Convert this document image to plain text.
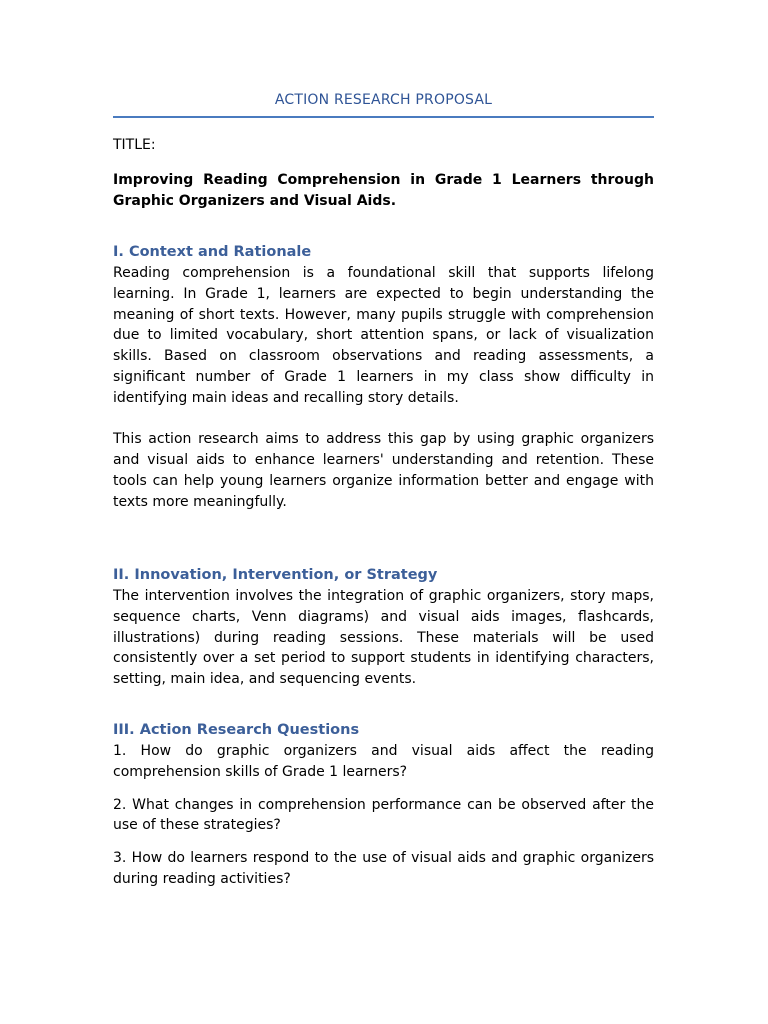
ACTION RESEARCH PROPOSAL
TITLE:
Improving Reading Comprehension in Grade 1 Learners through Graphic Organizers and Visual Aids.
I. Context and Rationale

Reading comprehension is a foundational skill that supports lifelong learning. In Grade 1, learners are expected to begin understanding the meaning of short texts. However, many pupils struggle with comprehension due to limited vocabulary, short attention spans, or lack of visualization skills. Based on classroom observations and reading assessments, a significant number of Grade 1 learners in my class show difficulty in identifying main ideas and recalling story details.

This action research aims to address this gap by using graphic organizers and visual aids to enhance learners' understanding and retention. These tools can help young learners organize information better and engage with texts more meaningfully.

II. Innovation, Intervention, or Strategy

The intervention involves the integration of graphic organizers, story maps, sequence charts, Venn diagrams) and visual aids images, flashcards, illustrations) during reading sessions. These materials will be used consistently over a set period to support students in identifying characters, setting, main idea, and sequencing events.

III. Action Research Questions

1. How do graphic organizers and visual aids affect the reading comprehension skills of Grade 1 learners?

2. What changes in comprehension performance can be observed after the use of these strategies?

3. How do learners respond to the use of visual aids and graphic organizers during reading activities?
